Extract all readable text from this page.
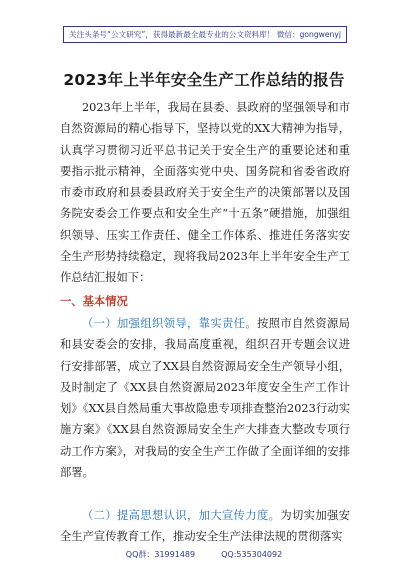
关注头条号“公文研究”，获得最新最全最专业的公文资料库！ 微信：gongwenyj
2023年上半年安全生产工作总结的报告
2023年上半年，我局在县委、县政府的坚强领导和市自然资源局的精心指导下，坚持以党的XX大精神为指导，认真学习贯彻习近平总书记关于安全生产的重要论述和重要指示批示精神，全面落实党中央、国务院和省委省政府市委市政府和县委县政府关于安全生产的决策部署以及国务院安委会工作要点和安全生产“十五条”硬措施，加强组织领导、压实工作责任、健全工作体系、推进任务落实安全生产形势持续稳定，现将我局2023年上半年安全生产工作总结汇报如下：
一、基本情况
（一）加强组织领导，靠实责任。按照市自然资源局和县安委会的安排，我局高度重视，组织召开专题会议进行安排部署，成立了XX县自然资源局安全生产领导小组，及时制定了《XX县自然资源局2023年度安全生产工作计划》《XX县自然局重大事故隐患专项排查整治2023行动实施方案》《XX县自然资源局安全生产大排查大整改专项行动工作方案》，对我局的安全生产工作做了全面详细的安排部署。
（二）提高思想认识，加大宣传力度。为切实加强安全生产宣传教育工作，推动安全生产法律法规的贯彻落实
QQ群：31991489	QQ:535304092
